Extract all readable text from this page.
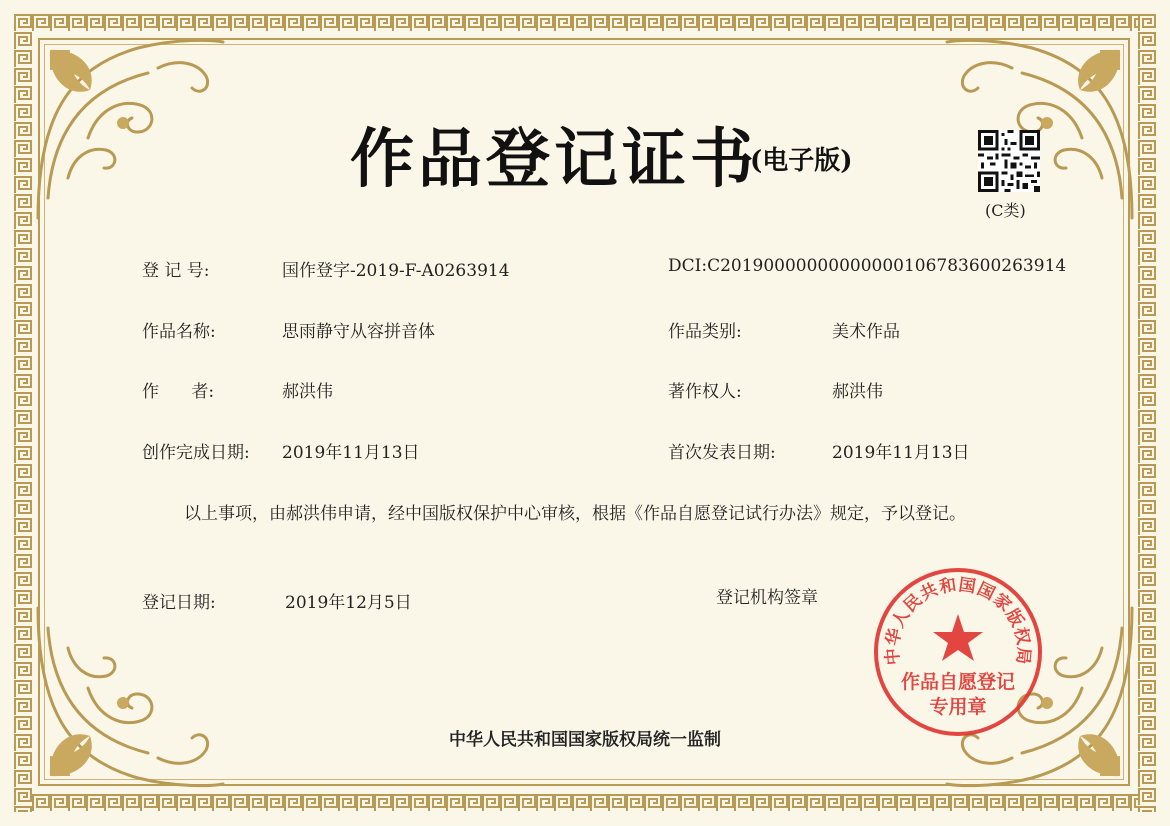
作品登记证书
(电子版)
(C类)
登 记 号:	国作登字-2019-F-A0263914	DCI:C20190000000000000106783600263914
作品名称:	思雨静守从容拼音体	作品类别:	美术作品
作      者:	郝洪伟	著作权人:	郝洪伟
创作完成日期: 2019年11月13日	首次发表日期:	2019年11月13日
以上事项，由郝洪伟申请，经中国版权保护中心审核，根据《作品自愿登记试行办法》规定，予以登记。
登记日期:	2019年12月5日	登记机构签章
中华人民共和国国家版权局
作品自愿登记
专用章
中华人民共和国国家版权局统一监制
